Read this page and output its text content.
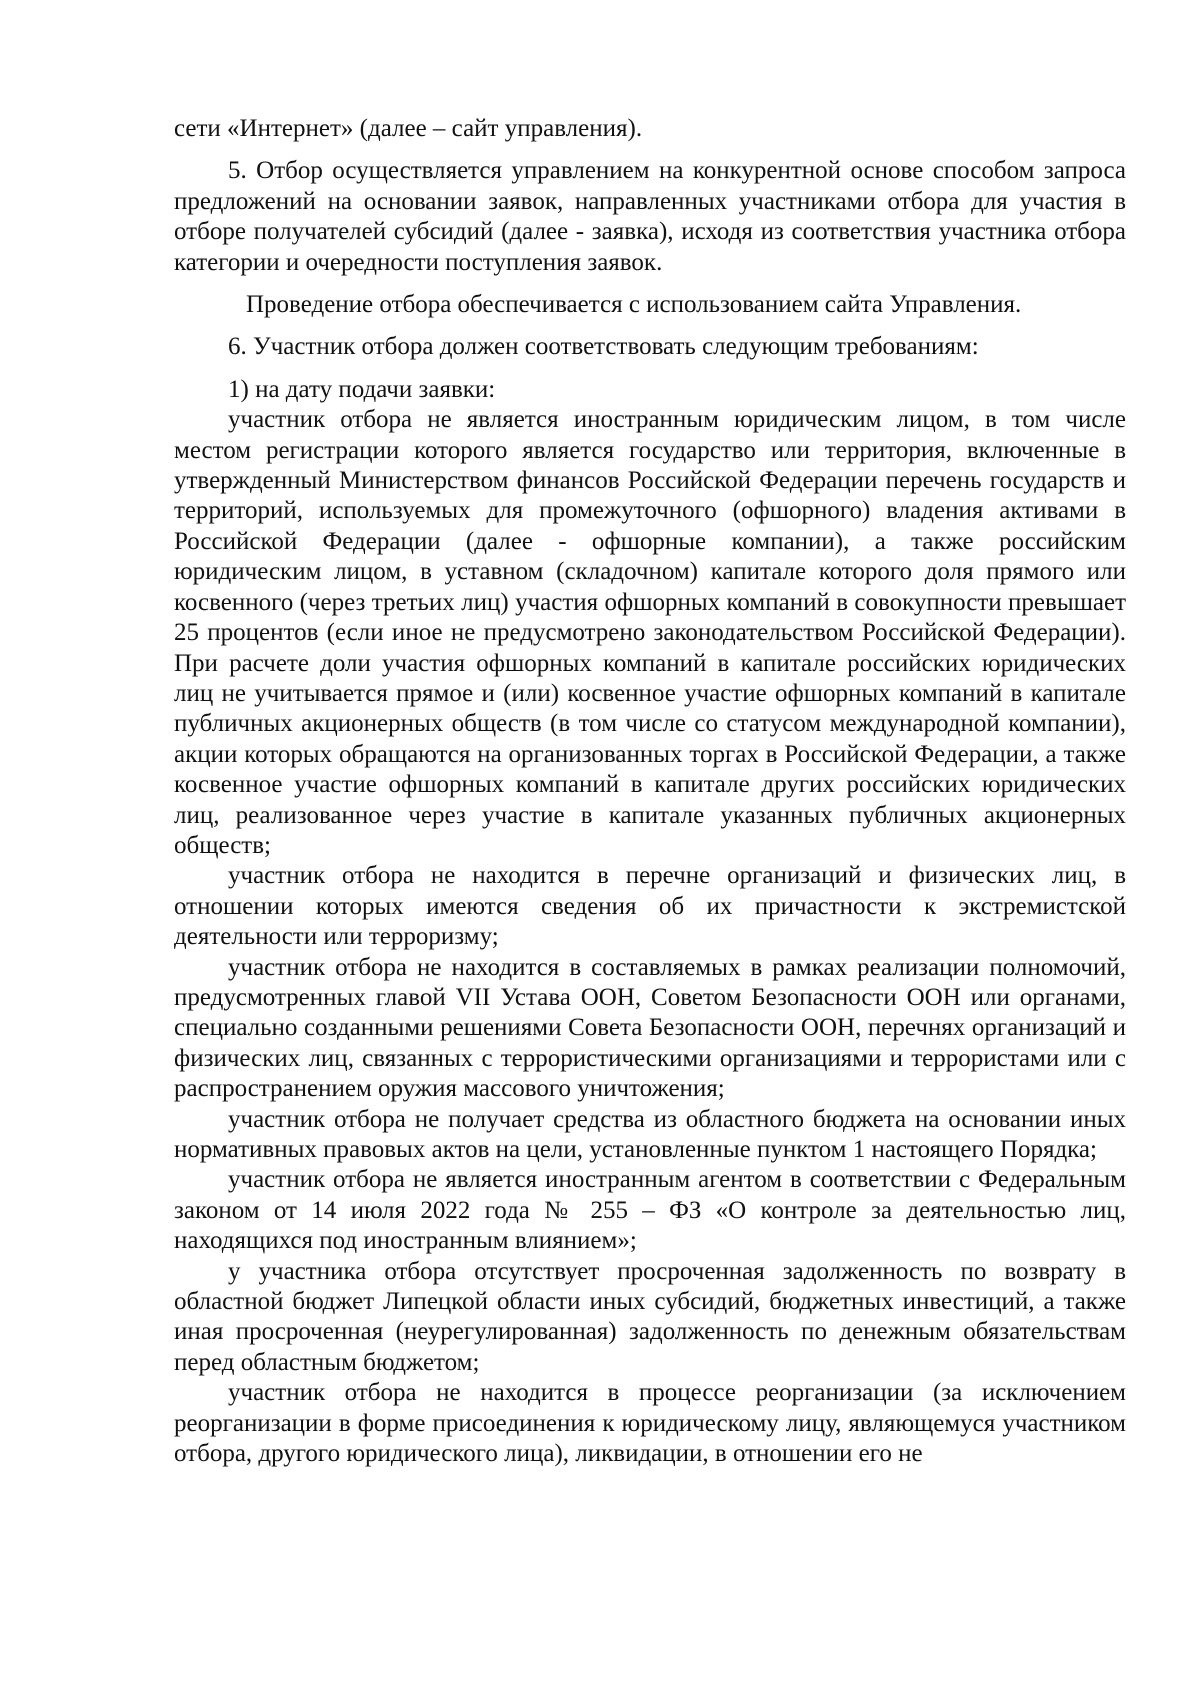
сети «Интернет» (далее – сайт управления).

5. Отбор осуществляется управлением на конкурентной основе способом запроса предложений на основании заявок, направленных участниками отбора для участия в отборе получателей субсидий (далее - заявка), исходя из соответствия участника отбора категории и очередности поступления заявок.

Проведение отбора обеспечивается с использованием сайта Управления.

6. Участник отбора должен соответствовать следующим требованиям:

1) на дату подачи заявки:

участник отбора не является иностранным юридическим лицом, в том числе местом регистрации которого является государство или территория, включенные в утвержденный Министерством финансов Российской Федерации перечень государств и территорий, используемых для промежуточного (офшорного) владения активами в Российской Федерации (далее - офшорные компании), а также российским юридическим лицом, в уставном (складочном) капитале которого доля прямого или косвенного (через третьих лиц) участия офшорных компаний в совокупности превышает 25 процентов (если иное не предусмотрено законодательством Российской Федерации). При расчете доли участия офшорных компаний в капитале российских юридических лиц не учитывается прямое и (или) косвенное участие офшорных компаний в капитале публичных акционерных обществ (в том числе со статусом международной компании), акции которых обращаются на организованных торгах в Российской Федерации, а также косвенное участие офшорных компаний в капитале других российских юридических лиц, реализованное через участие в капитале указанных публичных акционерных обществ;

участник отбора не находится в перечне организаций и физических лиц, в отношении которых имеются сведения об их причастности к экстремистской деятельности или терроризму;

участник отбора не находится в составляемых в рамках реализации полномочий, предусмотренных главой VII Устава ООН, Советом Безопасности ООН или органами, специально созданными решениями Совета Безопасности ООН, перечнях организаций и физических лиц, связанных с террористическими организациями и террористами или с распространением оружия массового уничтожения;

участник отбора не получает средства из областного бюджета на основании иных нормативных правовых актов на цели, установленные пунктом 1 настоящего Порядка;

участник отбора не является иностранным агентом в соответствии с Федеральным законом от 14 июля 2022 года № 255 – ФЗ «О контроле за деятельностью лиц, находящихся под иностранным влиянием»;

у участника отбора отсутствует просроченная задолженность по возврату в областной бюджет Липецкой области иных субсидий, бюджетных инвестиций, а также иная просроченная (неурегулированная) задолженность по денежным обязательствам перед областным бюджетом;

участник отбора не находится в процессе реорганизации (за исключением реорганизации в форме присоединения к юридическому лицу, являющемуся участником отбора, другого юридического лица), ликвидации, в отношении его не
